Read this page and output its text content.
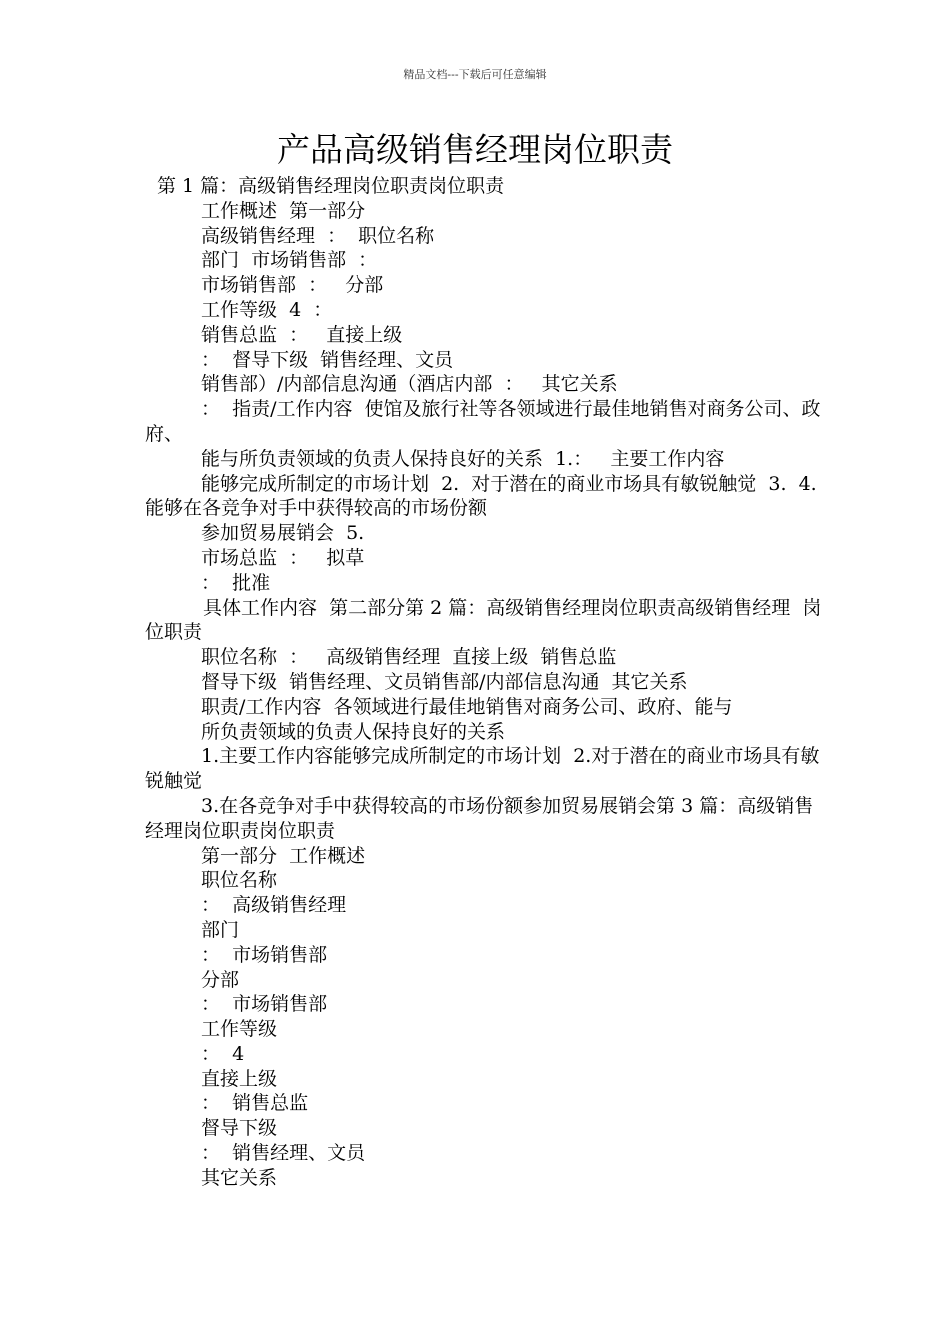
精品文档---下载后可任意编辑
产品高级销售经理岗位职责

第 1 篇：高级销售经理岗位职责岗位职责

工作概述  第一部分

高级销售经理  ：  职位名称

部门  市场销售部  ：

市场销售部  ：   分部

工作等级  4  ：

销售总监  ：   直接上级

：  督导下级  销售经理、文员

销售部）/内部信息沟通（酒店内部  ：   其它关系

：  指责/工作内容  使馆及旅行社等各领域进行最佳地销售对商务公司、政府、

能与所负责领域的负责人保持良好的关系  1.：   主要工作内容

能够完成所制定的市场计划  2.  对于潜在的商业市场具有敏锐触觉  3.  4.能够在各竞争对手中获得较高的市场份额

参加贸易展销会  5.

市场总监  ：   拟草

：  批准

具体工作内容  第二部分第 2 篇：高级销售经理岗位职责高级销售经理  岗位职责

职位名称  ：   高级销售经理  直接上级  销售总监

督导下级  销售经理、文员销售部/内部信息沟通  其它关系

职责/工作内容  各领域进行最佳地销售对商务公司、政府、能与

所负责领域的负责人保持良好的关系

1.主要工作内容能够完成所制定的市场计划  2.对于潜在的商业市场具有敏锐触觉

3.在各竞争对手中获得较高的市场份额参加贸易展销会第 3 篇：高级销售经理岗位职责岗位职责

第一部分  工作概述

职位名称

：  高级销售经理

部门

：  市场销售部

分部

：  市场销售部

工作等级

：  4

直接上级

：  销售总监

督导下级

：  销售经理、文员

其它关系
